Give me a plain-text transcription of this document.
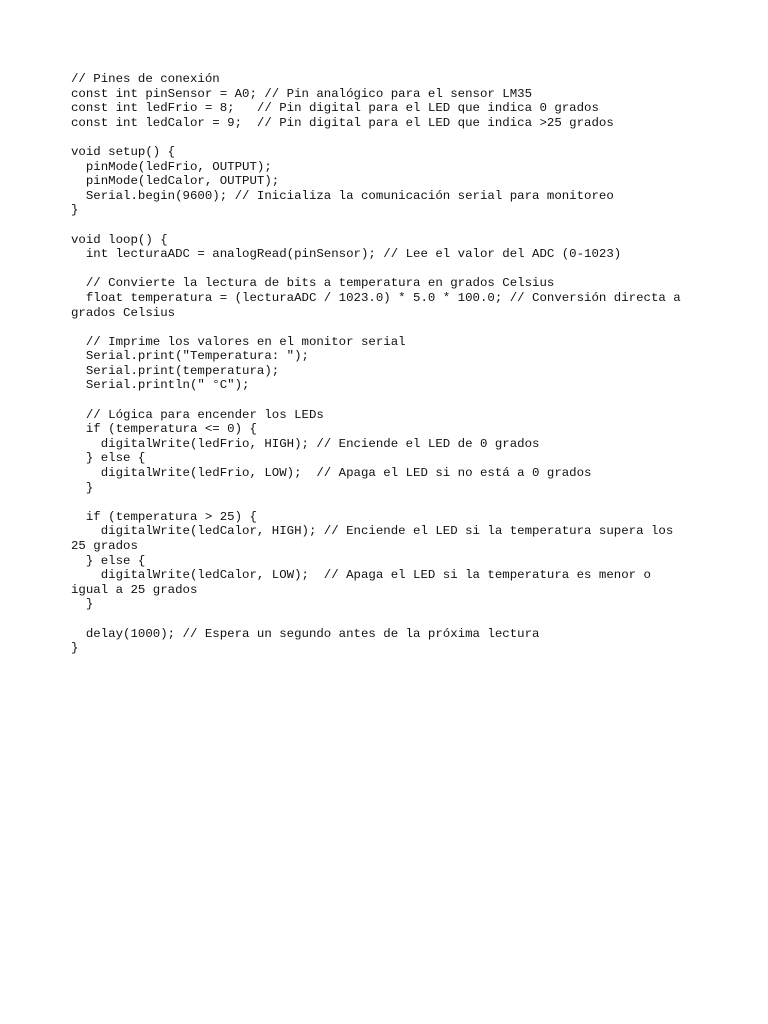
// Pines de conexión
const int pinSensor = A0; // Pin analógico para el sensor LM35
const int ledFrio = 8;   // Pin digital para el LED que indica 0 grados
const int ledCalor = 9;  // Pin digital para el LED que indica >25 grados
void setup() {
pinMode(ledFrio, OUTPUT);
pinMode(ledCalor, OUTPUT);
Serial.begin(9600); // Inicializa la comunicación serial para monitoreo
}
void loop() {
int lecturaADC = analogRead(pinSensor); // Lee el valor del ADC (0-1023)
// Convierte la lectura de bits a temperatura en grados Celsius
float temperatura = (lecturaADC / 1023.0) * 5.0 * 100.0; // Conversión directa a
grados Celsius
// Imprime los valores en el monitor serial
Serial.print("Temperatura: ");
Serial.print(temperatura);
Serial.println(" °C");
// Lógica para encender los LEDs
if (temperatura <= 0) {
digitalWrite(ledFrio, HIGH); // Enciende el LED de 0 grados
} else {
digitalWrite(ledFrio, LOW);  // Apaga el LED si no está a 0 grados
}
if (temperatura > 25) {
digitalWrite(ledCalor, HIGH); // Enciende el LED si la temperatura supera los
25 grados
} else {
digitalWrite(ledCalor, LOW);  // Apaga el LED si la temperatura es menor o
igual a 25 grados
}
delay(1000); // Espera un segundo antes de la próxima lectura
}
